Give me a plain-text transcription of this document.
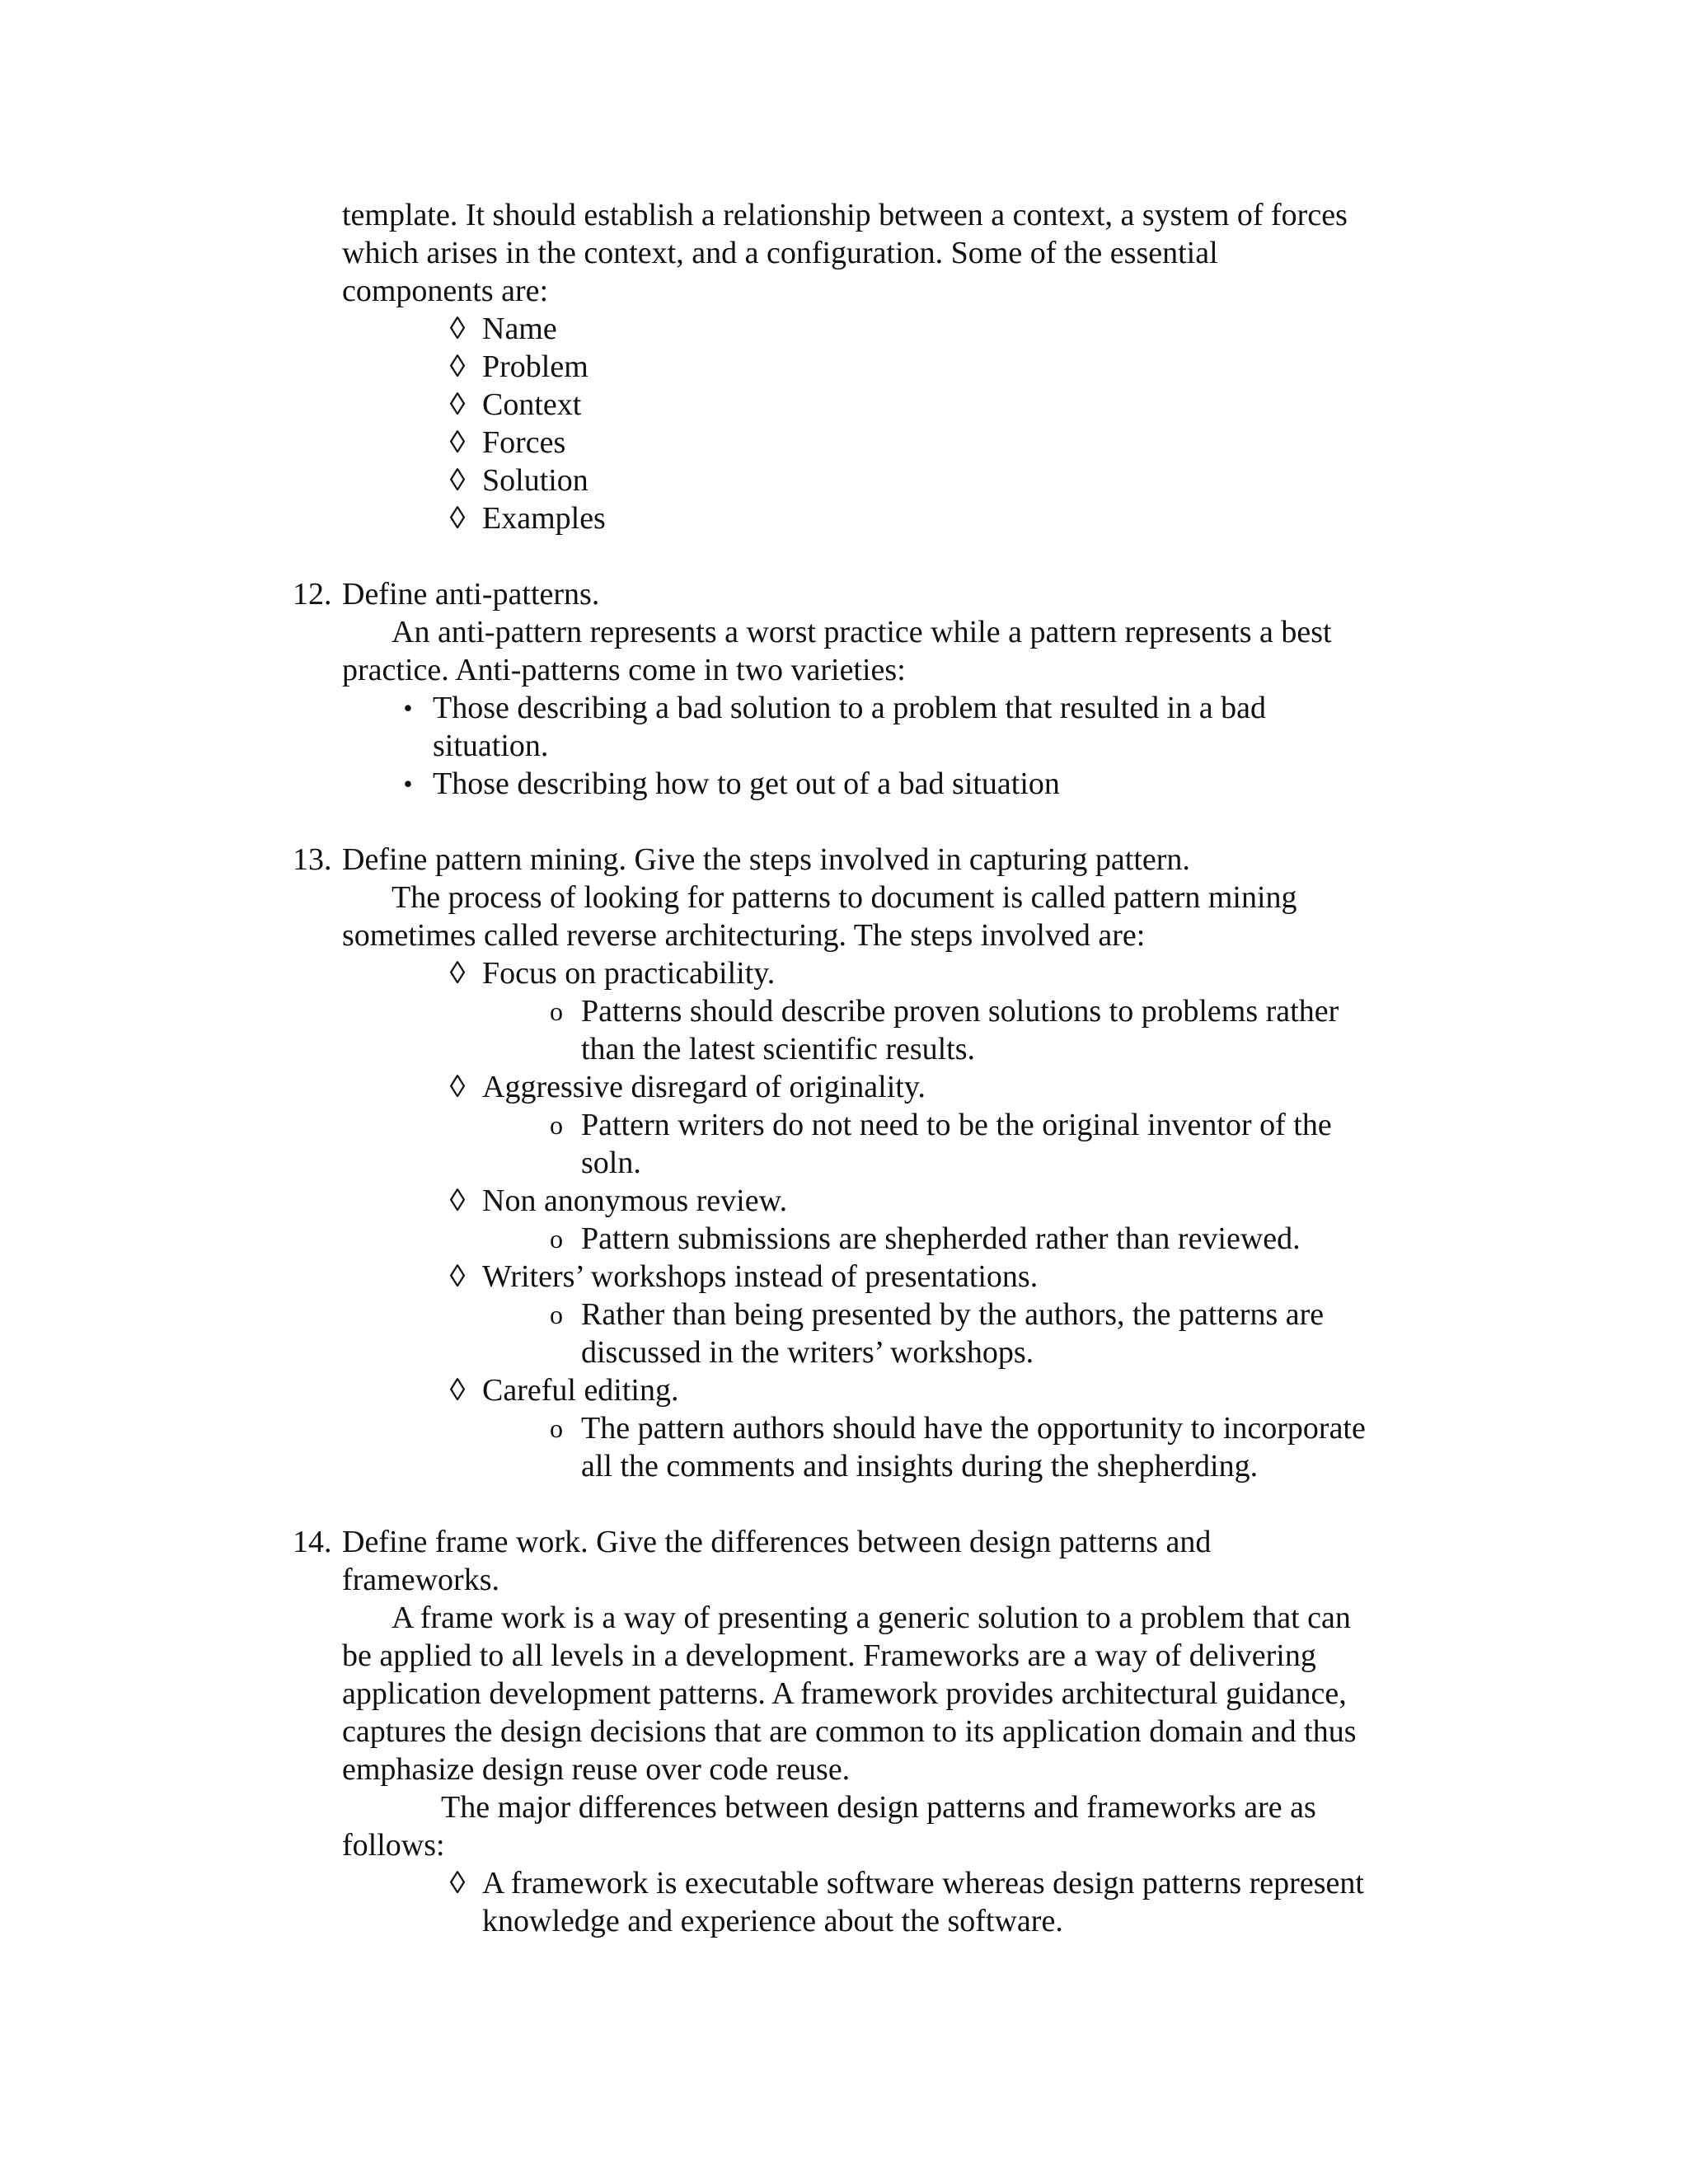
template. It should establish a relationship between a context, a system of forces
which arises in the context, and a configuration. Some of the essential
components are:
◊ Name
◊ Problem
◊ Context
◊ Forces
◊ Solution
◊ Examples
12. Define anti-patterns.
An anti-pattern represents a worst practice while a pattern represents a best
practice. Anti-patterns come in two varieties:
• Those describing a bad solution to a problem that resulted in a bad
situation.
• Those describing how to get out of a bad situation
13. Define pattern mining. Give the steps involved in capturing pattern.
The process of looking for patterns to document is called pattern mining
sometimes called reverse architecturing. The steps involved are:
◊ Focus on practicability.
o Patterns should describe proven solutions to problems rather
than the latest scientific results.
◊ Aggressive disregard of originality.
o Pattern writers do not need to be the original inventor of the
soln.
◊ Non anonymous review.
o Pattern submissions are shepherded rather than reviewed.
◊ Writers’ workshops instead of presentations.
o Rather than being presented by the authors, the patterns are
discussed in the writers’ workshops.
◊ Careful editing.
o The pattern authors should have the opportunity to incorporate
all the comments and insights during the shepherding.
14. Define frame work. Give the differences between design patterns and
frameworks.
A frame work is a way of presenting a generic solution to a problem that can
be applied to all levels in a development. Frameworks are a way of delivering
application development patterns. A framework provides architectural guidance,
captures the design decisions that are common to its application domain and thus
emphasize design reuse over code reuse.
The major differences between design patterns and frameworks are as
follows:
◊ A framework is executable software whereas design patterns represent
knowledge and experience about the software.
